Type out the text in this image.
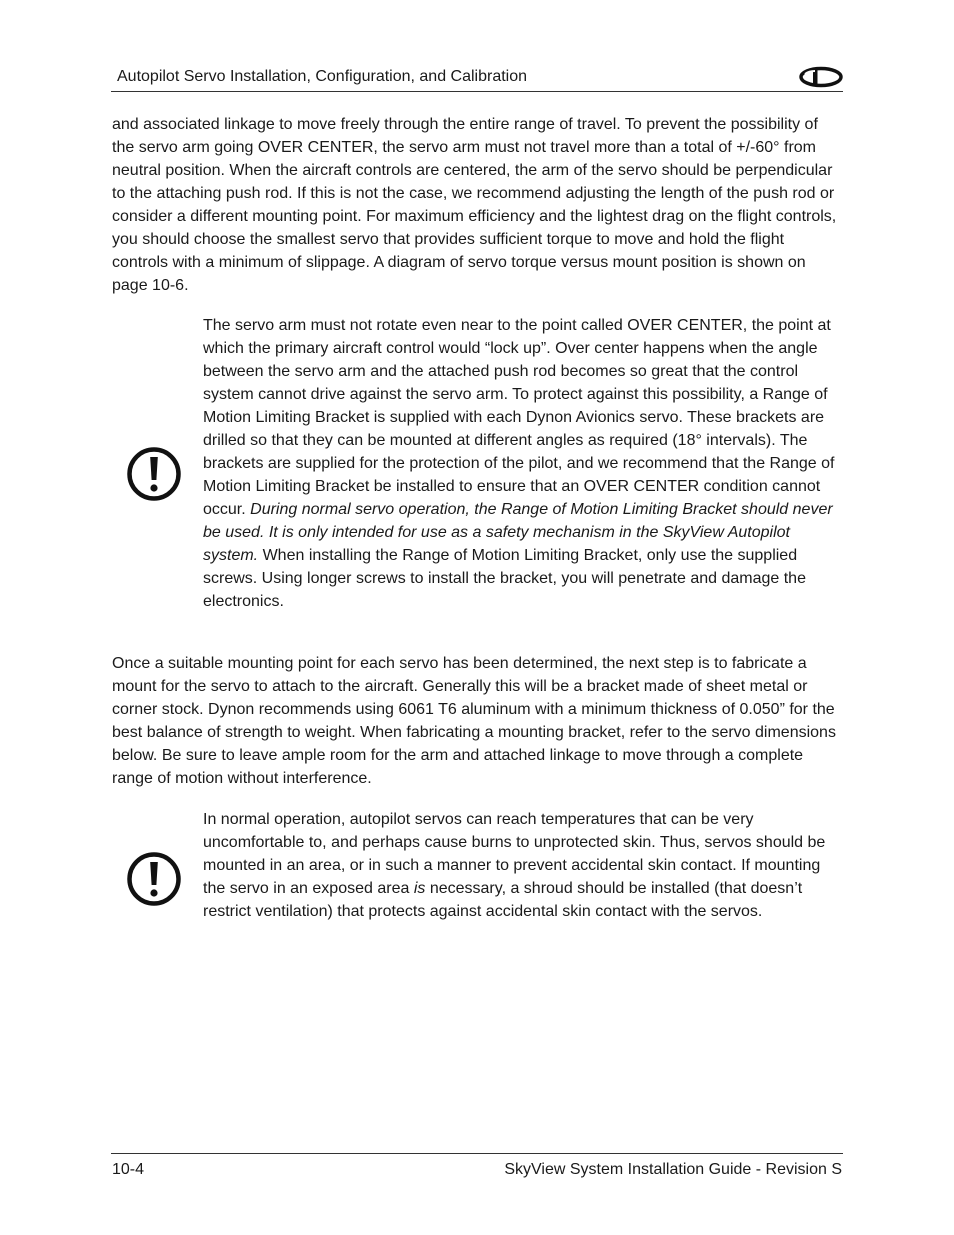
Autopilot Servo Installation, Configuration, and Calibration

and associated linkage to move freely through the entire range of travel. To prevent the possibility of the servo arm going OVER CENTER, the servo arm must not travel more than a total of +/-60° from neutral position. When the aircraft controls are centered, the arm of the servo should be perpendicular to the attaching push rod. If this is not the case, we recommend adjusting the length of the push rod or consider a different mounting point. For maximum efficiency and the lightest drag on the flight controls, you should choose the smallest servo that provides sufficient torque to move and hold the flight controls with a minimum of slippage. A diagram of servo torque versus mount position is shown on page 10-6.

The servo arm must not rotate even near to the point called OVER CENTER, the point at which the primary aircraft control would “lock up”. Over center happens when the angle between the servo arm and the attached push rod becomes so great that the control system cannot drive against the servo arm. To protect against this possibility, a Range of Motion Limiting Bracket is supplied with each Dynon Avionics servo. These brackets are drilled so that they can be mounted at different angles as required (18° intervals). The brackets are supplied for the protection of the pilot, and we recommend that the Range of Motion Limiting Bracket be installed to ensure that an OVER CENTER condition cannot occur. During normal servo operation, the Range of Motion Limiting Bracket should never be used. It is only intended for use as a safety mechanism in the SkyView Autopilot system. When installing the Range of Motion Limiting Bracket, only use the supplied screws. Using longer screws to install the bracket, you will penetrate and damage the electronics.

Once a suitable mounting point for each servo has been determined, the next step is to fabricate a mount for the servo to attach to the aircraft. Generally this will be a bracket made of sheet metal or corner stock. Dynon recommends using 6061 T6 aluminum with a minimum thickness of 0.050” for the best balance of strength to weight. When fabricating a mounting bracket, refer to the servo dimensions below. Be sure to leave ample room for the arm and attached linkage to move through a complete range of motion without interference.

In normal operation, autopilot servos can reach temperatures that can be very uncomfortable to, and perhaps cause burns to unprotected skin. Thus, servos should be mounted in an area, or in such a manner to prevent accidental skin contact. If mounting the servo in an exposed area is necessary, a shroud should be installed (that doesn’t restrict ventilation) that protects against accidental skin contact with the servos.

10-4	SkyView System Installation Guide - Revision S
